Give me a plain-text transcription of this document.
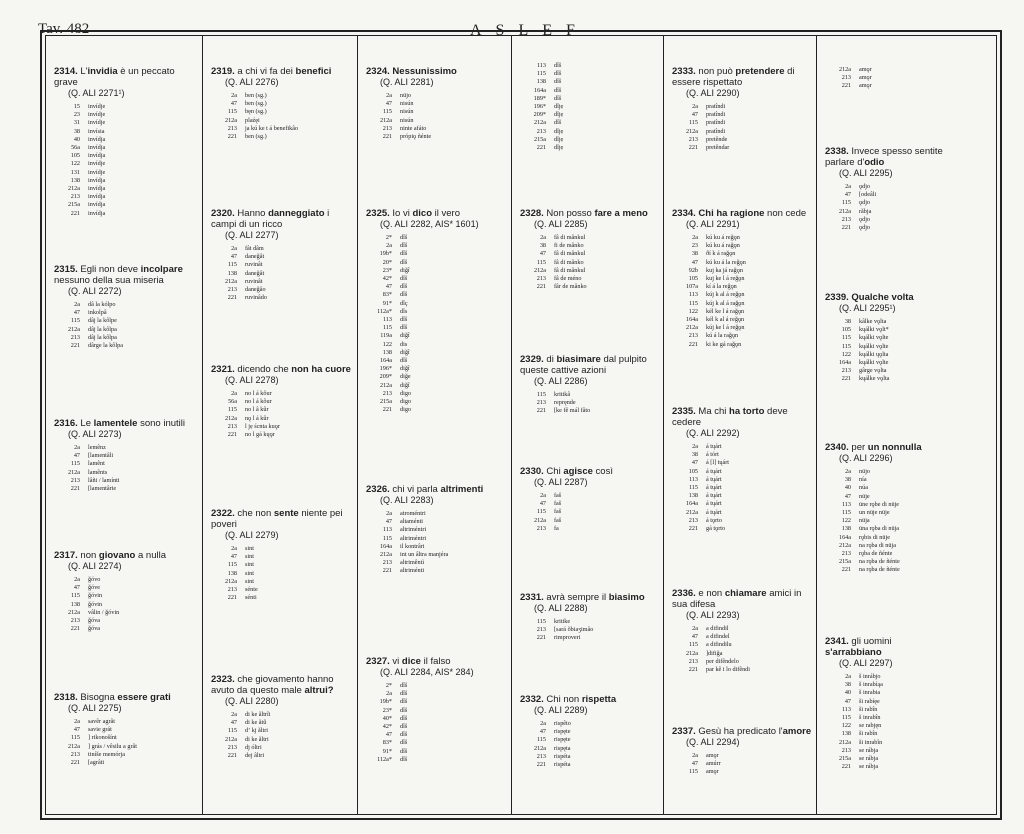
Tav. 482	ASLEF
2314. L'invidia è un peccato grave
(Q. ALI 2271¹)
15	invídje
23	invídje
31	invídje
38	invísia
40	invídja
56a	invídja
105	invídja
122	invídje
131	invídje
138	invídja
212a	invídja
213	invídja
215a	invídja
221	invídja
2315. Egli non deve incolpare nessuno della sua miseria
(Q. ALI 2272)
2a	dâ la kólpo
47	inkolpâ
115	dâj la kôlpe
212a	dâj la kôlpa
213	dâj la kôlpa
221	dârge la kôlpa
2316. Le lamentele sono inutili
(Q. ALI 2273)
2a	lemênz
47	[lamentâli
115	lamênt
212a	lamênts
213	lâñi / lamínti
221	[lamentârie
2317. non giovano a nulla
(Q. ALI 2274)
2a	ǧóvo
47	ǧóve
115	ǧóvin
138	ǧóvin
212a	vâlin / ǧóvin
213	ǧóva
221	ǧóva
2318. Bisogna essere grati
(Q. ALI 2275)
2a	savêr agrât
47	savie grát
115	] rikonošínt
212a	] grás / vêsilu a grât
213	tiníše memórja
221	[agrâti
2319. a chi vi fa dei benefici
(Q. ALI 2276)
2a	ben (sg.)
47	ben (sg.)
115	bęn (sg.)
212a	plaźęi
213	ja kú ke t á benefikâo
221	ben (sg.)
2320. Hanno danneggiato i campi di un ricco
(Q. ALI 2277)
2a	fât dâm
47	daneǧât
115	ruvinât
138	daneǧât
212a	ruvinât
213	daneǧâo
221	ruvinâdo
2321. dicendo che non ha cuore
(Q. ALI 2278)
2a	no l á kôur
56a	no l á kôur
115	no l â kûr
212a	nǫ l á kûr
213	l jẹ ścnta kuǫr
221	no l gá kųǫr
2322. che non sente niente pei poveri
(Q. ALI 2279)
2a	sint
47	sint
115	sint
138	sint
212a	sint
213	sénte
221	sénti
2323. che giovamento hanno avuto da questo male altrui?
(Q. ALI 2280)
2a	di ke ǎltrîi
47	di ke ǎtǖ
115	dʼ kj ǎltri
212a	di ke ǎltri
213	dj óltri
221	dej âltri
2324. Nessunissimo
(Q. ALI 2281)
2a	nüjo
47	nisún
115	nisún
212a	nisún
213	ninte afáto
221	própiǫ ñénte
2325. Io vi dico il vero
(Q. ALI 2282, AIS* 1601)
2*	dîš
2a	dîš
19b*	dîš
20*	dîš
23*	diǧî
42*	dîš
47	dîš
83*	dîš
91*	dîç
112a*	dîs
113	dîš
115	dîš
119a	diǧî
122	dis
138	diǧî
164a	dîš
196*	diǧî
209*	diǧe
212a	diǧî
213	digo
215a	digo
221	digo
2326. chi vi parla altrimenti
(Q. ALI 2283)
2a	atroméntri
47	altaménti
113	altriméntri
115	altriméntri
164a	il kontrâri
212a	int un âltra manjéra
213	altrimêntì
221	altriménti
2327. vi dice il falso
(Q. ALI 2284, AIS* 284)
2*	dîš
2a	dîš
19b*	dîš
23*	dîš
40*	dîš
42*	dîš
47	dîš
83*	dîš
91*	dîš
112a*	dîš
113	dîš
115	dîš
138	dîš
164a	dîš
189*	dîš
196*	dîjẹ
209*	dîjẹ
212a	dîš
213	dîjẹ
215a	dîjẹ
221	dîjẹ
2328. Non posso fare a meno
(Q. ALI 2285)
2a	fâ di mânkul
38	fi de mânko
47	fâ di mânkul
115	fâ di mânko
212a	fâ di mânkul
213	fâ de méno
221	fâr de mânko
2329. di biasimare dal pulpito queste cattive azioni
(Q. ALI 2286)
115	kritikâ
213	repręnde
221	[ke fê mál fâto
2330. Chi agisce così
(Q. ALI 2287)
2a	faš
47	faš
115	faš
212a	faš
213	fa
2331. avrà sempre il biasimo
(Q. ALI 2288)
115	kritike
213	[sará ǒbiaʒimâo
221	rimproveri
2332. Chi non rispetta
(Q. ALI 2289)
2a	rispêto
47	rispęte
115	rispęte
212a	rispęta
213	rispéta
221	rispéta
2333. non può pretendere di essere rispettato
(Q. ALI 2290)
2a	pratîndi
47	pratîndi
115	pratîndi
212a	pratîndi
213	pretênde
221	pretêndar
2334. Chi ha ragione non cede
(Q. ALI 2291)
2a	kú ku á reǧǫn
23	kú ku á raǧǫn
38	ðí k á raǧǫn
47	kú ku á la reǧǫn
92b	kuj ka já raǧǫn
105	kuj ke l á reǧǫn
107a	kí á la reǧǫn
113	kúj k al á reǧǫn
115	kúj k al á raǧǫn
122	kél ke l á raǧǫn
164a	kél k al á reǧǫn
212a	kúj ke l á reǧǫn
213	kú á la raǧǫn
221	ki ke gá raǧǫn
2335. Ma chi ha torto deve cedere
(Q. ALI 2292)
2a	á tųárt
38	á tórt
47	á [l] tųárt
105	á tųárt
113	á tųárt
115	á tųárt
138	á tųárt
164a	á tųárt
212a	á tųárt
213	á tǫrto
221	gá tǫrto
2336. e non chiamare amici in sua difesa
(Q. ALI 2293)
2a	a difindil
47	a difindel
115	a difindilu
212a	]difiǧa
213	per difêndelo
221	par kê i lo difêndi
2337. Gesù ha predicato l'amore
(Q. ALI 2294)
2a	amǫr
47	amúrr
115	amǫr
212a	amǫr
213	amǫr
221	amǫr
2338. Invece spesso sentite parlare d'odio
(Q. ALI 2295)
2a	ǫdjo
47	[odeâli
115	ǫdjo
212a	rǎbja
213	ǫdjo
221	ǫdjo
2339. Qualche volta
(Q. ALI 2295¹)
38	kâlke vǫlta
105	kųálki vǫlt*
115	kųálki vǫlte
115	kųálki vǫlte
122	kųálki ųǫlta
164a	kųálki vǫlte
213	gârge vǫlta
221	kųálke vǫlta
2340. per un nonnulla
(Q. ALI 2296)
2a	nüjo
38	nía
40	núa
47	nüje
113	üne rǫbe di nüje
115	un nüje nüje
122	nüja
138	üna rǫba di nüja
164a	rǫbis di nüje
212a	na rǫba di nüja
213	rǫba de ñénte
215a	na rǫba de ñénte
221	na rǫba de ñénte
2341. gli uomini s'arrabbiano
(Q. ALI 2297)
2a	š inrábjo
38	š inrabíąa
40	š inrabia
47	ši rabíęe
113	ši rabîn
115	š inrabîn
122	se rabjęn
138	ši rabîn
212a	ši inrabîn
213	se rábja
215a	se rábja
221	se rábja
